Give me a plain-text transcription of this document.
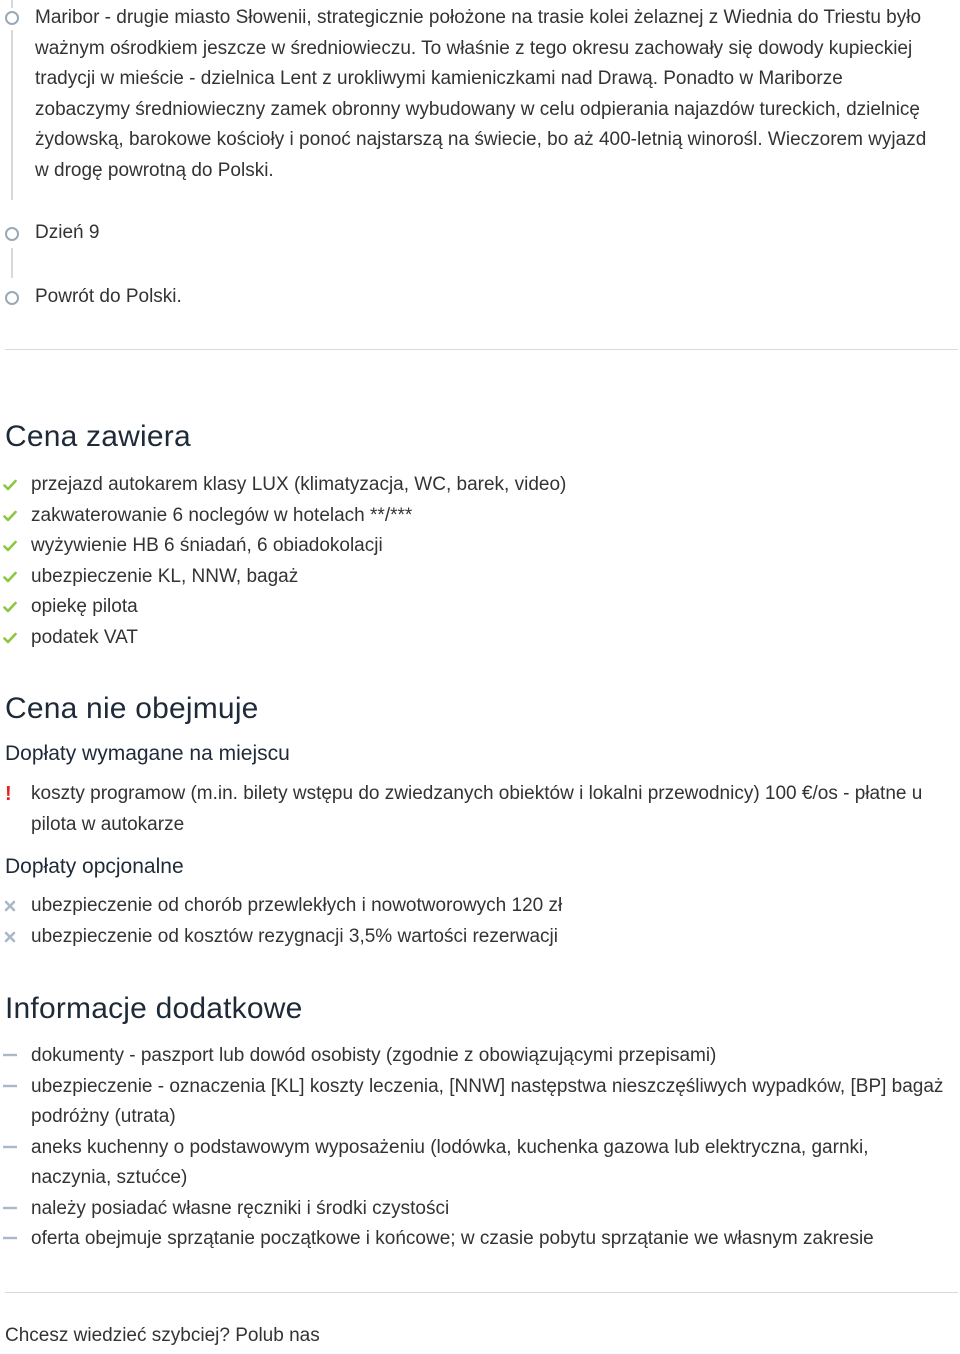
Maribor - drugie miasto Słowenii, strategicznie położone na trasie kolei żelaznej z Wiednia do Triestu było ważnym ośrodkiem jeszcze w średniowieczu. To właśnie z tego okresu zachowały się dowody kupieckiej tradycji w mieście - dzielnica Lent z urokliwymi kamieniczkami nad Drawą. Ponadto w Mariborze zobaczymy średniowieczny zamek obronny wybudowany w celu odpierania najazdów tureckich, dzielnicę żydowską, barokowe kościoły i ponoć najstarszą na świecie, bo aż 400-letnią winorośl. Wieczorem wyjazd w drogę powrotną do Polski.
Dzień 9
Powrót do Polski.
Cena zawiera
przejazd autokarem klasy LUX (klimatyzacja, WC, barek, video)
zakwaterowanie 6 noclegów w hotelach **/***
wyżywienie HB 6 śniadań, 6 obiadokolacji
ubezpieczenie KL, NNW, bagaż
opiekę pilota
podatek VAT
Cena nie obejmuje
Dopłaty wymagane na miejscu
! koszty programow (m.in. bilety wstępu do zwiedzanych obiektów i lokalni przewodnicy) 100 €/os - płatne u pilota w autokarze
Dopłaty opcjonalne
ubezpieczenie od chorób przewlekłych i nowotworowych 120 zł
ubezpieczenie od kosztów rezygnacji 3,5% wartości rezerwacji
Informacje dodatkowe
dokumenty - paszport lub dowód osobisty (zgodnie z obowiązującymi przepisami)
ubezpieczenie - oznaczenia [KL] koszty leczenia, [NNW] następstwa nieszczęśliwych wypadków, [BP] bagaż podróżny (utrata)
aneks kuchenny o podstawowym wyposażeniu (lodówka, kuchenka gazowa lub elektryczna, garnki, naczynia, sztućce)
należy posiadać własne ręczniki i środki czystości
oferta obejmuje sprzątanie początkowe i końcowe; w czasie pobytu sprzątanie we własnym zakresie
Chcesz wiedzieć szybciej? Polub nas
